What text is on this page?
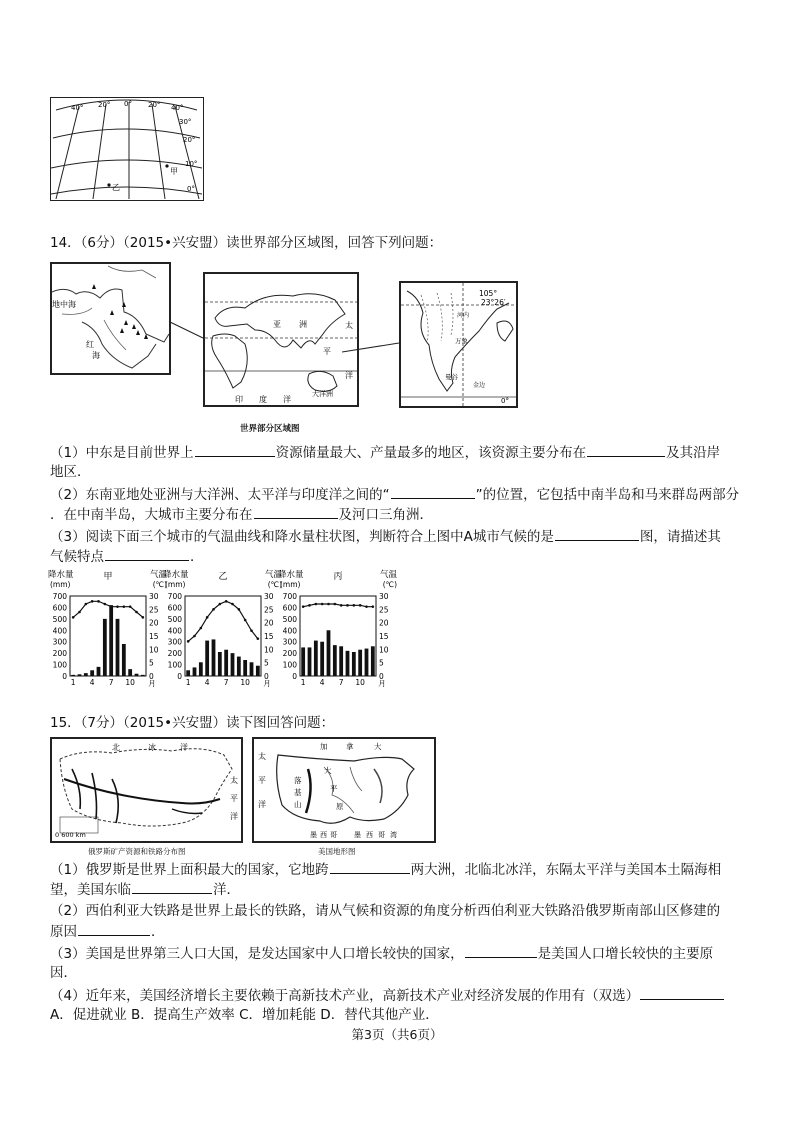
40° 20° 0° 20° 40°
30°
20°
10°
0°
甲
乙
14．（6分）（2015•兴安盟）读世界部分区域图，回答下列问题：
地中海
红
海
亚 洲	太
平
洋
大洋洲
印 度 洋
世界部分区域图
105°
23°26′
河内
万象
曼谷
金边
0°
（1）中东是目前世界上	资源储量最大、产量最多的地区，该资源主要分布在	及其沿岸
地区．
（2）东南亚地处亚洲与大洋洲、太平洋与印度洋之间的“	”的位置，它包括中南半岛和马来群岛两部分
．在中南半岛，大城市主要分布在	及河口三角洲．
（3）阅读下面三个城市的气温曲线和降水量柱状图，判断符合上图中A城市气候的是	图，请描述其
气候特点	．
降水量
(mm)
气温
(℃)
甲
700
600
500
400
300
200
100
0
30
25
20
15
10
5
0
1 4 7 10 月
降水量
(mm)
气温
(℃)
乙
700
600
500
400
300
200
100
0
30
25
20
15
10
5
0
1 4 7 10 月
降水量
(mm)
气温
(℃)
丙
700
600
500
400
300
200
100
0
30
25
20
15
10
5
0
1 4 7 10 月
15．（7分）（2015•兴安盟）读下图回答问题：
北	冰	洋
太
平
洋
0 600 km
俄罗斯矿产资源和铁路分布图
加 拿	大
太
平
洋
落
基
山
大
平
原
墨 西 哥 墨 西 哥 湾
美国地形图
（1）俄罗斯是世界上面积最大的国家，它地跨	两大洲，北临北冰洋，东隔太平洋与美国本土隔海相
望，美国东临	洋．
（2）西伯利亚大铁路是世界上最长的铁路，请从气候和资源的角度分析西伯利亚大铁路沿俄罗斯南部山区修建的
原因	．
（3）美国是世界第三人口大国，是发达国家中人口增长较快的国家，	是美国人口增长较快的主要原
因．
（4）近年来，美国经济增长主要依赖于高新技术产业，高新技术产业对经济发展的作用有（双选）
A．促进就业 B．提高生产效率 C．增加耗能 D．替代其他产业．
第3页（共6页）
